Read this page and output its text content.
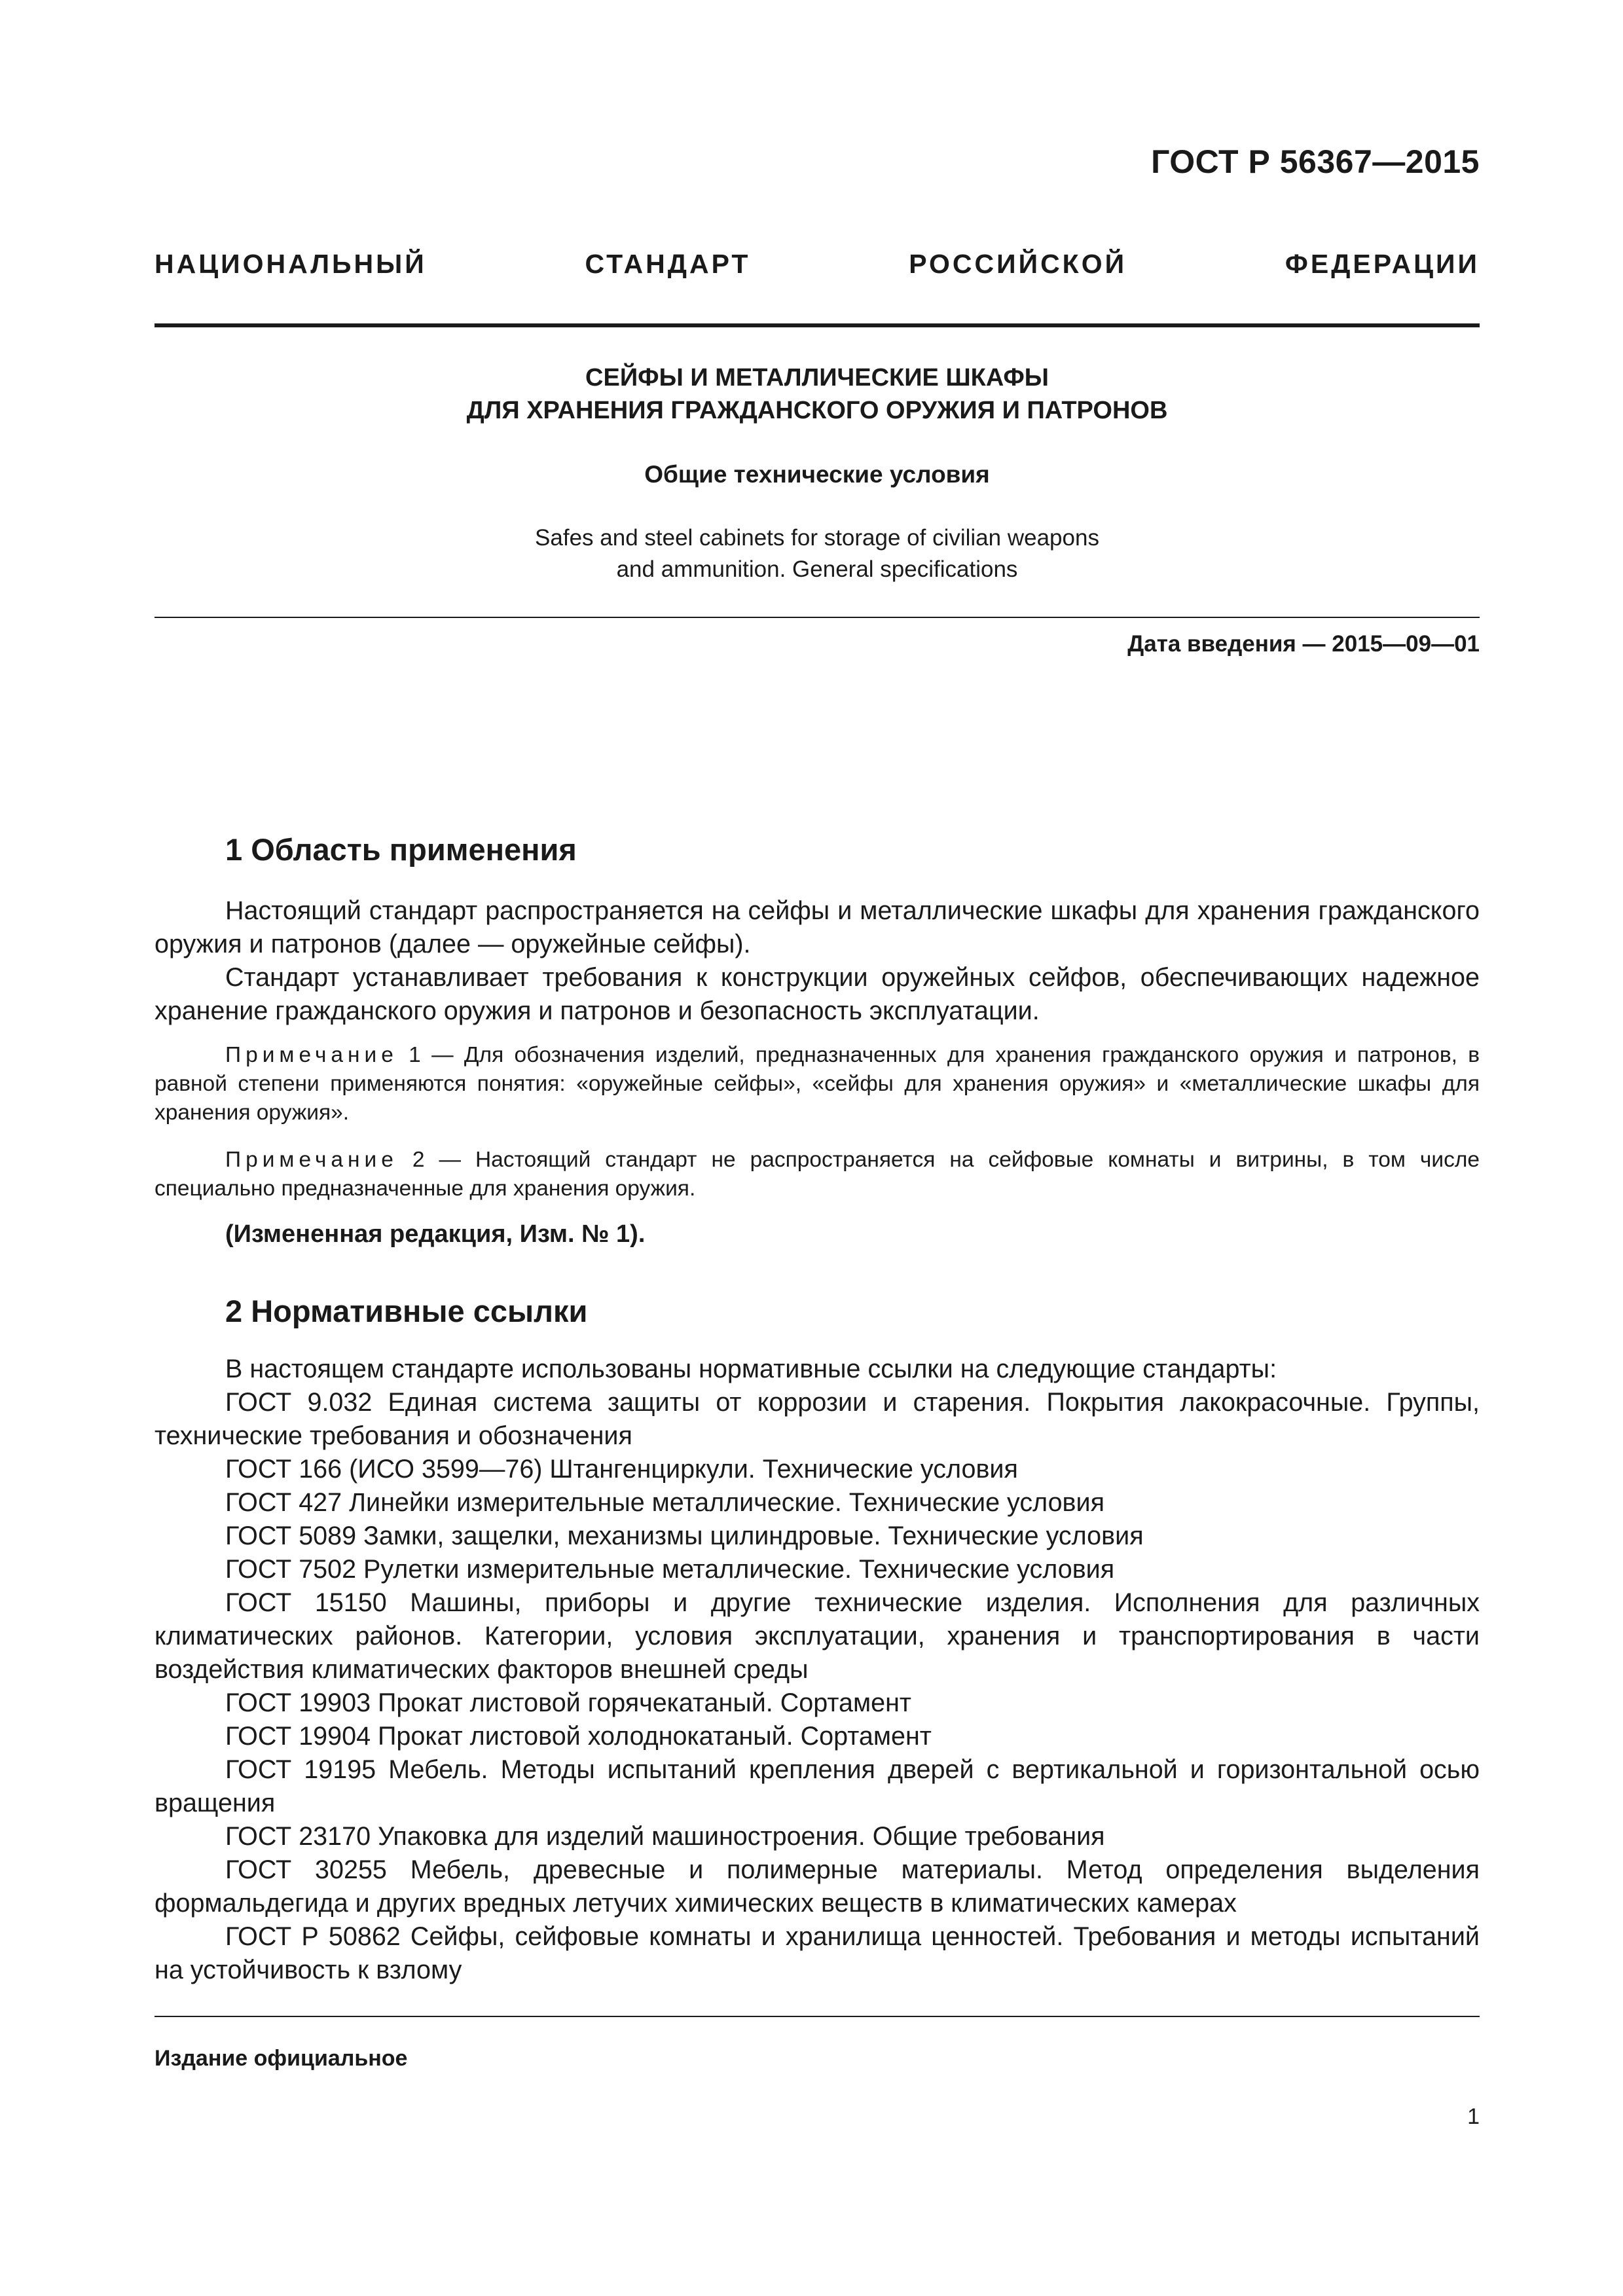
ГОСТ Р 56367—2015
НАЦИОНАЛЬНЫЙ СТАНДАРТ РОССИЙСКОЙ ФЕДЕРАЦИИ
СЕЙФЫ И МЕТАЛЛИЧЕСКИЕ ШКАФЫ
ДЛЯ ХРАНЕНИЯ ГРАЖДАНСКОГО ОРУЖИЯ И ПАТРОНОВ
Общие технические условия
Safes and steel cabinets for storage of civilian weapons
and ammunition. General specifications
Дата введения — 2015—09—01
1 Область применения

Настоящий стандарт распространяется на сейфы и металлические шкафы для хранения гражданского оружия и патронов (далее — оружейные сейфы).

Стандарт устанавливает требования к конструкции оружейных сейфов, обеспечивающих надежное хранение гражданского оружия и патронов и безопасность эксплуатации.

Примечание 1 — Для обозначения изделий, предназначенных для хранения гражданского оружия и патронов, в равной степени применяются понятия: «оружейные сейфы», «сейфы для хранения оружия» и «металлические шкафы для хранения оружия».

Примечание 2 — Настоящий стандарт не распространяется на сейфовые комнаты и витрины, в том числе специально предназначенные для хранения оружия.

(Измененная редакция, Изм. № 1).
2 Нормативные ссылки

В настоящем стандарте использованы нормативные ссылки на следующие стандарты:

ГОСТ 9.032 Единая система защиты от коррозии и старения. Покрытия лакокрасочные. Группы, технические требования и обозначения

ГОСТ 166 (ИСО 3599—76) Штангенциркули. Технические условия

ГОСТ 427 Линейки измерительные металлические. Технические условия

ГОСТ 5089 Замки, защелки, механизмы цилиндровые. Технические условия

ГОСТ 7502 Рулетки измерительные металлические. Технические условия

ГОСТ 15150 Машины, приборы и другие технические изделия. Исполнения для различных климатических районов. Категории, условия эксплуатации, хранения и транспортирования в части воздействия климатических факторов внешней среды

ГОСТ 19903 Прокат листовой горячекатаный. Сортамент

ГОСТ 19904 Прокат листовой холоднокатаный. Сортамент

ГОСТ 19195 Мебель. Методы испытаний крепления дверей с вертикальной и горизонтальной осью вращения

ГОСТ 23170 Упаковка для изделий машиностроения. Общие требования

ГОСТ 30255 Мебель, древесные и полимерные материалы. Метод определения выделения формальдегида и других вредных летучих химических веществ в климатических камерах

ГОСТ Р 50862 Сейфы, сейфовые комнаты и хранилища ценностей. Требования и методы испытаний на устойчивость к взлому

Издание официальное
1
